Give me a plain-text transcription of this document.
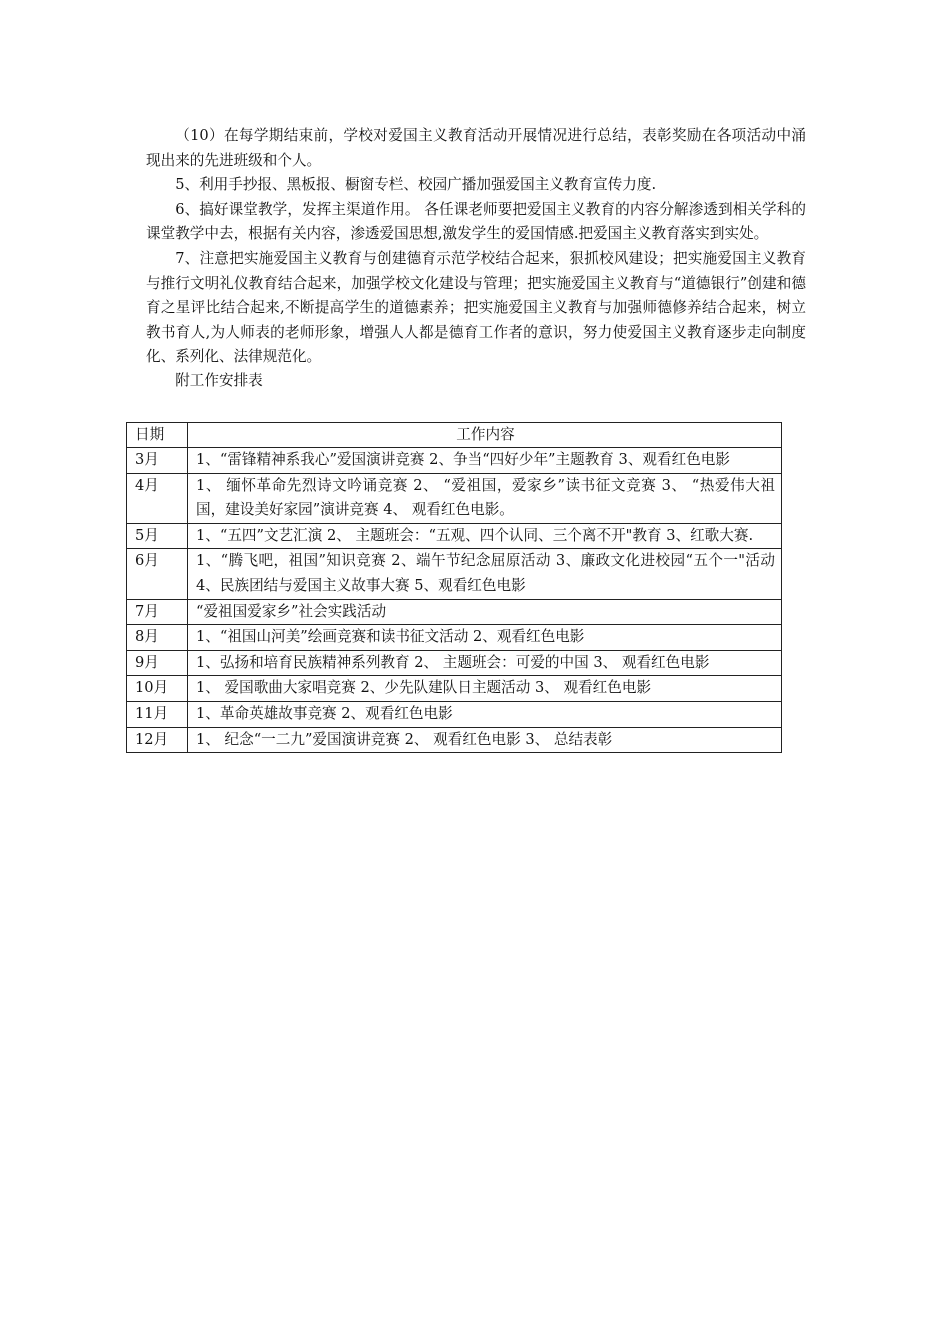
（10）在每学期结束前，学校对爱国主义教育活动开展情况进行总结，表彰奖励在各项活动中涌现出来的先进班级和个人。

5、利用手抄报、黑板报、橱窗专栏、校园广播加强爱国主义教育宣传力度.

6、搞好课堂教学，发挥主渠道作用。 各任课老师要把爱国主义教育的内容分解渗透到相关学科的课堂教学中去，根据有关内容，渗透爱国思想,激发学生的爱国情感.把爱国主义教育落实到实处。

7、注意把实施爱国主义教育与创建德育示范学校结合起来，狠抓校风建设；把实施爱国主义教育与推行文明礼仪教育结合起来，加强学校文化建设与管理；把实施爱国主义教育与“道德银行”创建和德育之星评比结合起来,不断提高学生的道德素养；把实施爱国主义教育与加强师德修养结合起来，树立教书育人,为人师表的老师形象，增强人人都是德育工作者的意识，努力使爱国主义教育逐步走向制度化、系列化、法律规范化。

附工作安排表

日期	工作内容
3月	1、“雷锋精神系我心”爱国演讲竞赛 2、争当“四好少年”主题教育 3、观看红色电影
4月	1、 缅怀革命先烈诗文吟诵竞赛 2、 “爱祖国，爱家乡”读书征文竞赛 3、 “热爱伟大祖国，建设美好家园”演讲竞赛 4、 观看红色电影。
5月	1、“五四”文艺汇演 2、 主题班会：“五观、四个认同、三个离不开"教育 3、红歌大赛.
6月	1、“腾飞吧，祖国”知识竞赛 2、端午节纪念屈原活动 3、廉政文化进校园“五个一"活动 4、民族团结与爱国主义故事大赛 5、观看红色电影
7月	“爱祖国爱家乡”社会实践活动
8月	1、“祖国山河美”绘画竞赛和读书征文活动 2、观看红色电影
9月	1、弘扬和培育民族精神系列教育 2、 主题班会：可爱的中国 3、 观看红色电影
10月	1、 爱国歌曲大家唱竞赛 2、少先队建队日主题活动 3、 观看红色电影
11月	1、革命英雄故事竞赛 2、观看红色电影
12月	1、 纪念“一二九”爱国演讲竞赛 2、 观看红色电影 3、 总结表彰
